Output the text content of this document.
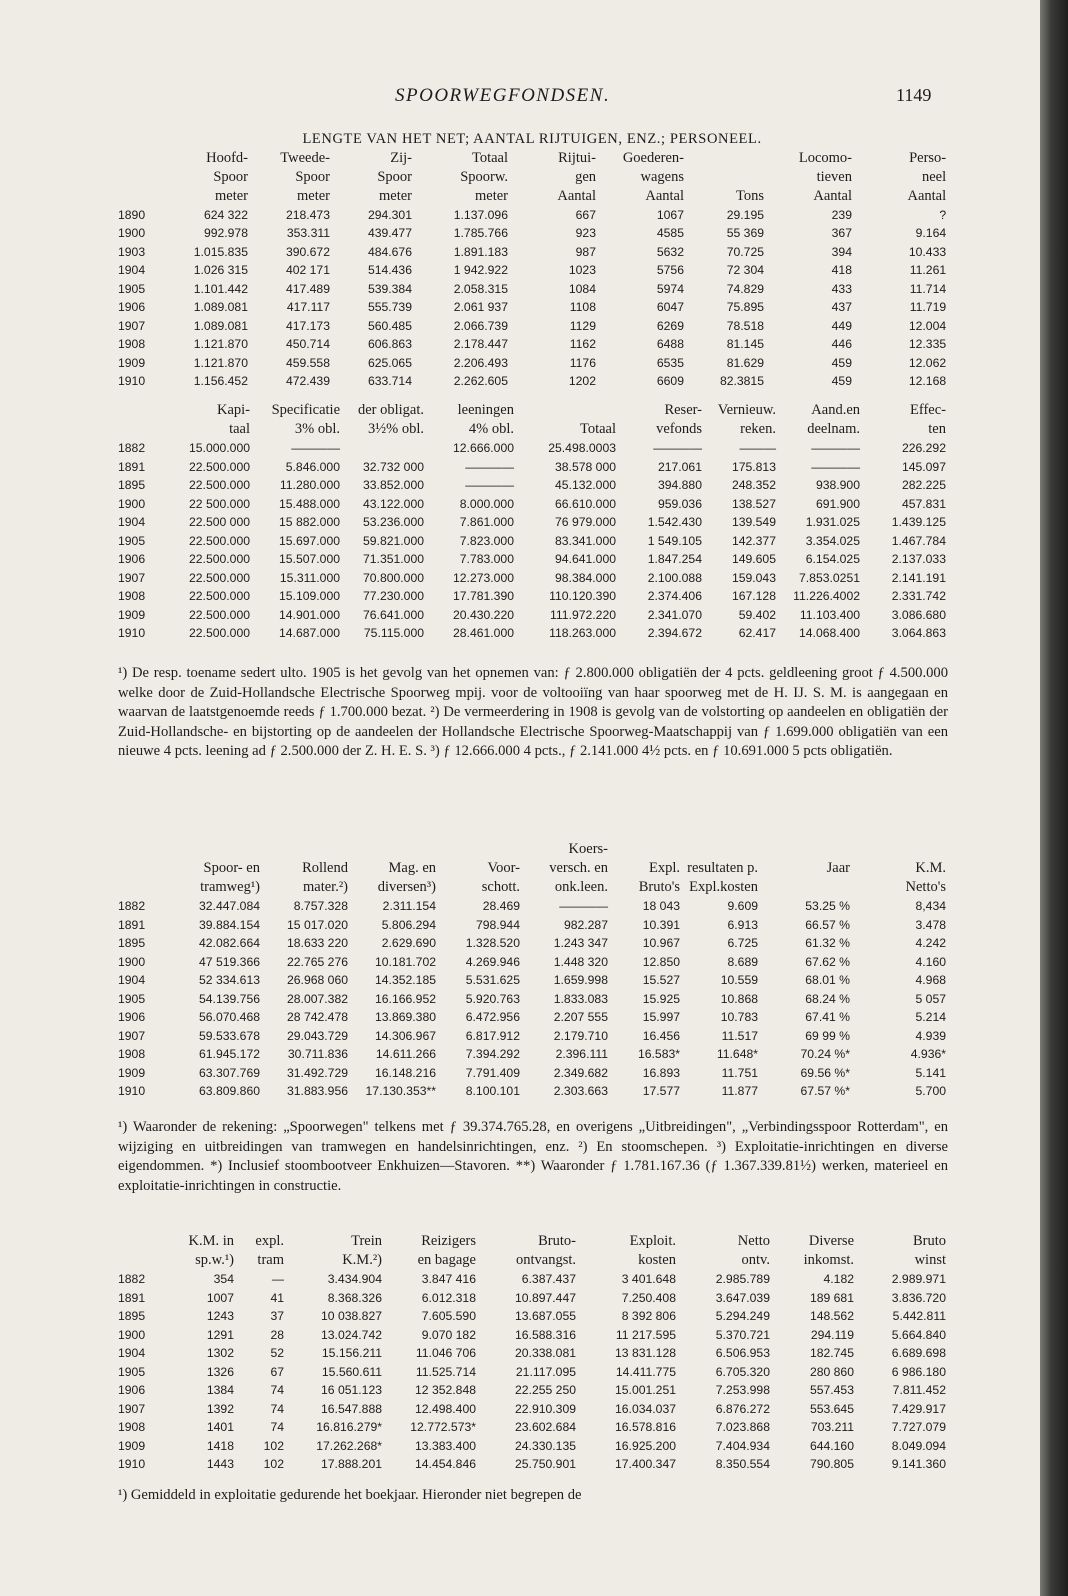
SPOORWEGFONDSEN.	1149
LENGTE VAN HET NET; AANTAL RIJTUIGEN, ENZ.; PERSONEEL.									
	Hoofd-	Tweede-	Zij-	Totaal	Rijtui-	Goederen-		Locomo-	Perso-
	Spoor	Spoor	Spoor	Spoorw.	gen	wagens		tieven	neel
	meter	meter	meter	meter	Aantal	Aantal	Tons	Aantal	Aantal
1890	624 322	218.473	294.301	1.137.096	667	1067	29.195	239	?
1900	992.978	353.311	439.477	1.785.766	923	4585	55 369	367	9.164
1903	1.015.835	390.672	484.676	1.891.183	987	5632	70.725	394	10.433
1904	1.026 315	402 171	514.436	1 942.922	1023	5756	72 304	418	11.261
1905	1.101.442	417.489	539.384	2.058.315	1084	5974	74.829	433	11.714
1906	1.089.081	417.117	555.739	2.061 937	1108	6047	75.895	437	11.719
1907	1.089.081	417.173	560.485	2.066.739	1129	6269	78.518	449	12.004
1908	1.121.870	450.714	606.863	2.178.447	1162	6488	81.145	446	12.335
1909	1.121.870	459.558	625.065	2.206.493	1176	6535	81.629	459	12.062
1910	1.156.452	472.439	633.714	2.262.605	1202	6609	82.3815	459	12.168
	Kapi-	Specificatie	der obligat.	leeningen		Reser-	Vernieuw.	Aand.en	Effec-
	taal	3% obl.	3½% obl.	4% obl.	Totaal	vefonds	reken.	deelnam.	ten
1882	15.000.000	————		12.666.000	25.498.0003	————	———	————	226.292
1891	22.500.000	5.846.000	32.732 000	————	38.578 000	217.061	175.813	————	145.097
1895	22.500.000	11.280.000	33.852.000	————	45.132.000	394.880	248.352	938.900	282.225
1900	22 500.000	15.488.000	43.122.000	8.000.000	66.610.000	959.036	138.527	691.900	457.831
1904	22.500 000	15 882.000	53.236.000	7.861.000	76 979.000	1.542.430	139.549	1.931.025	1.439.125
1905	22.500.000	15.697.000	59.821.000	7.823.000	83.341.000	1 549.105	142.377	3.354.025	1.467.784
1906	22.500.000	15.507.000	71.351.000	7.783.000	94.641.000	1.847.254	149.605	6.154.025	2.137.033
1907	22.500.000	15.311.000	70.800.000	12.273.000	98.384.000	2.100.088	159.043	7.853.0251	2.141.191
1908	22.500.000	15.109.000	77.230.000	17.781.390	110.120.390	2.374.406	167.128	11.226.4002	2.331.742
1909	22.500.000	14.901.000	76.641.000	20.430.220	111.972.220	2.341.070	59.402	11.103.400	3.086.680
1910	22.500.000	14.687.000	75.115.000	28.461.000	118.263.000	2.394.672	62.417	14.068.400	3.064.863

¹) De resp. toename sedert ulto. 1905 is het gevolg van het opnemen van: ƒ 2.800.000 obligatiën der 4 pcts. geldleening groot ƒ 4.500.000 welke door de Zuid-Hollandsche Electrische Spoorweg mpij. voor de voltooiïng van haar spoorweg met de H. IJ. S. M. is aangegaan en waarvan de laatstgenoemde reeds ƒ 1.700.000 bezat. ²) De vermeerdering in 1908 is gevolg van de volstorting op aandeelen en obligatiën der Zuid-Hollandsche- en bijstorting op de aandeelen der Hollandsche Electrische Spoorweg-Maatschappij van ƒ 1.699.000 obligatiën van een nieuwe 4 pcts. leening ad ƒ 2.500.000 der Z. H. E. S. ³) ƒ 12.666.000 4 pcts., ƒ 2.141.000 4½ pcts. en ƒ 10.691.000 5 pcts obligatiën.

					Koers-				
	Spoor- en	Rollend	Mag. en	Voor-	versch. en	Expl.	resultaten p.	Jaar	K.M.
	tramweg¹)	mater.²)	diversen³)	schott.	onk.leen.	Bruto's	Expl.kosten		Netto's
1882	32.447.084	8.757.328	2.311.154	28.469	————	18 043	9.609	53.25 %	8,434
1891	39.884.154	15 017.020	5.806.294	798.944	982.287	10.391	6.913	66.57 %	3.478
1895	42.082.664	18.633 220	2.629.690	1.328.520	1.243 347	10.967	6.725	61.32 %	4.242
1900	47 519.366	22.765 276	10.181.702	4.269.946	1.448 320	12.850	8.689	67.62 %	4.160
1904	52 334.613	26.968 060	14.352.185	5.531.625	1.659.998	15.527	10.559	68.01 %	4.968
1905	54.139.756	28.007.382	16.166.952	5.920.763	1.833.083	15.925	10.868	68.24 %	5 057
1906	56.070.468	28 742.478	13.869.380	6.472.956	2.207 555	15.997	10.783	67.41 %	5.214
1907	59.533.678	29.043.729	14.306.967	6.817.912	2.179.710	16.456	11.517	69 99 %	4.939
1908	61.945.172	30.711.836	14.611.266	7.394.292	2.396.111	16.583*	11.648*	70.24 %*	4.936*
1909	63.307.769	31.492.729	16.148.216	7.791.409	2.349.682	16.893	11.751	69.56 %*	5.141
1910	63.809.860	31.883.956	17.130.353**	8.100.101	2.303.663	17.577	11.877	67.57 %*	5.700

¹) Waaronder de rekening: „Spoorwegen" telkens met ƒ 39.374.765.28, en overigens „Uitbreidingen", „Verbindingsspoor Rotterdam", en wijziging en uitbreidingen van tramwegen en handelsinrichtingen, enz. ²) En stoomschepen. ³) Exploitatie-inrichtingen en diverse eigendommen. *) Inclusief stoombootveer Enkhuizen—Stavoren. **) Waaronder ƒ 1.781.167.36 (ƒ 1.367.339.81½) werken, materieel en exploitatie-inrichtingen in constructie.

	K.M. in	expl.	Trein	Reizigers	Bruto-	Exploit.	Netto	Diverse	Bruto
	sp.w.¹)	tram	K.M.²)	en bagage	ontvangst.	kosten	ontv.	inkomst.	winst
1882	354	—	3.434.904	3.847 416	6.387.437	3 401.648	2.985.789	4.182	2.989.971
1891	1007	41	8.368.326	6.012.318	10.897.447	7.250.408	3.647.039	189 681	3.836.720
1895	1243	37	10 038.827	7.605.590	13.687.055	8 392 806	5.294.249	148.562	5.442.811
1900	1291	28	13.024.742	9.070 182	16.588.316	11 217.595	5.370.721	294.119	5.664.840
1904	1302	52	15.156.211	11.046 706	20.338.081	13 831.128	6.506.953	182.745	6.689.698
1905	1326	67	15.560.611	11.525.714	21.117.095	14.411.775	6.705.320	280 860	6 986.180
1906	1384	74	16 051.123	12 352.848	22.255 250	15.001.251	7.253.998	557.453	7.811.452
1907	1392	74	16.547.888	12.498.400	22.910.309	16.034.037	6.876.272	553.645	7.429.917
1908	1401	74	16.816.279*	12.772.573*	23.602.684	16.578.816	7.023.868	703.211	7.727.079
1909	1418	102	17.262.268*	13.383.400	24.330.135	16.925.200	7.404.934	644.160	8.049.094
1910	1443	102	17.888.201	14.454.846	25.750.901	17.400.347	8.350.554	790.805	9.141.360

¹) Gemiddeld in exploitatie gedurende het boekjaar. Hieronder niet begrepen de
